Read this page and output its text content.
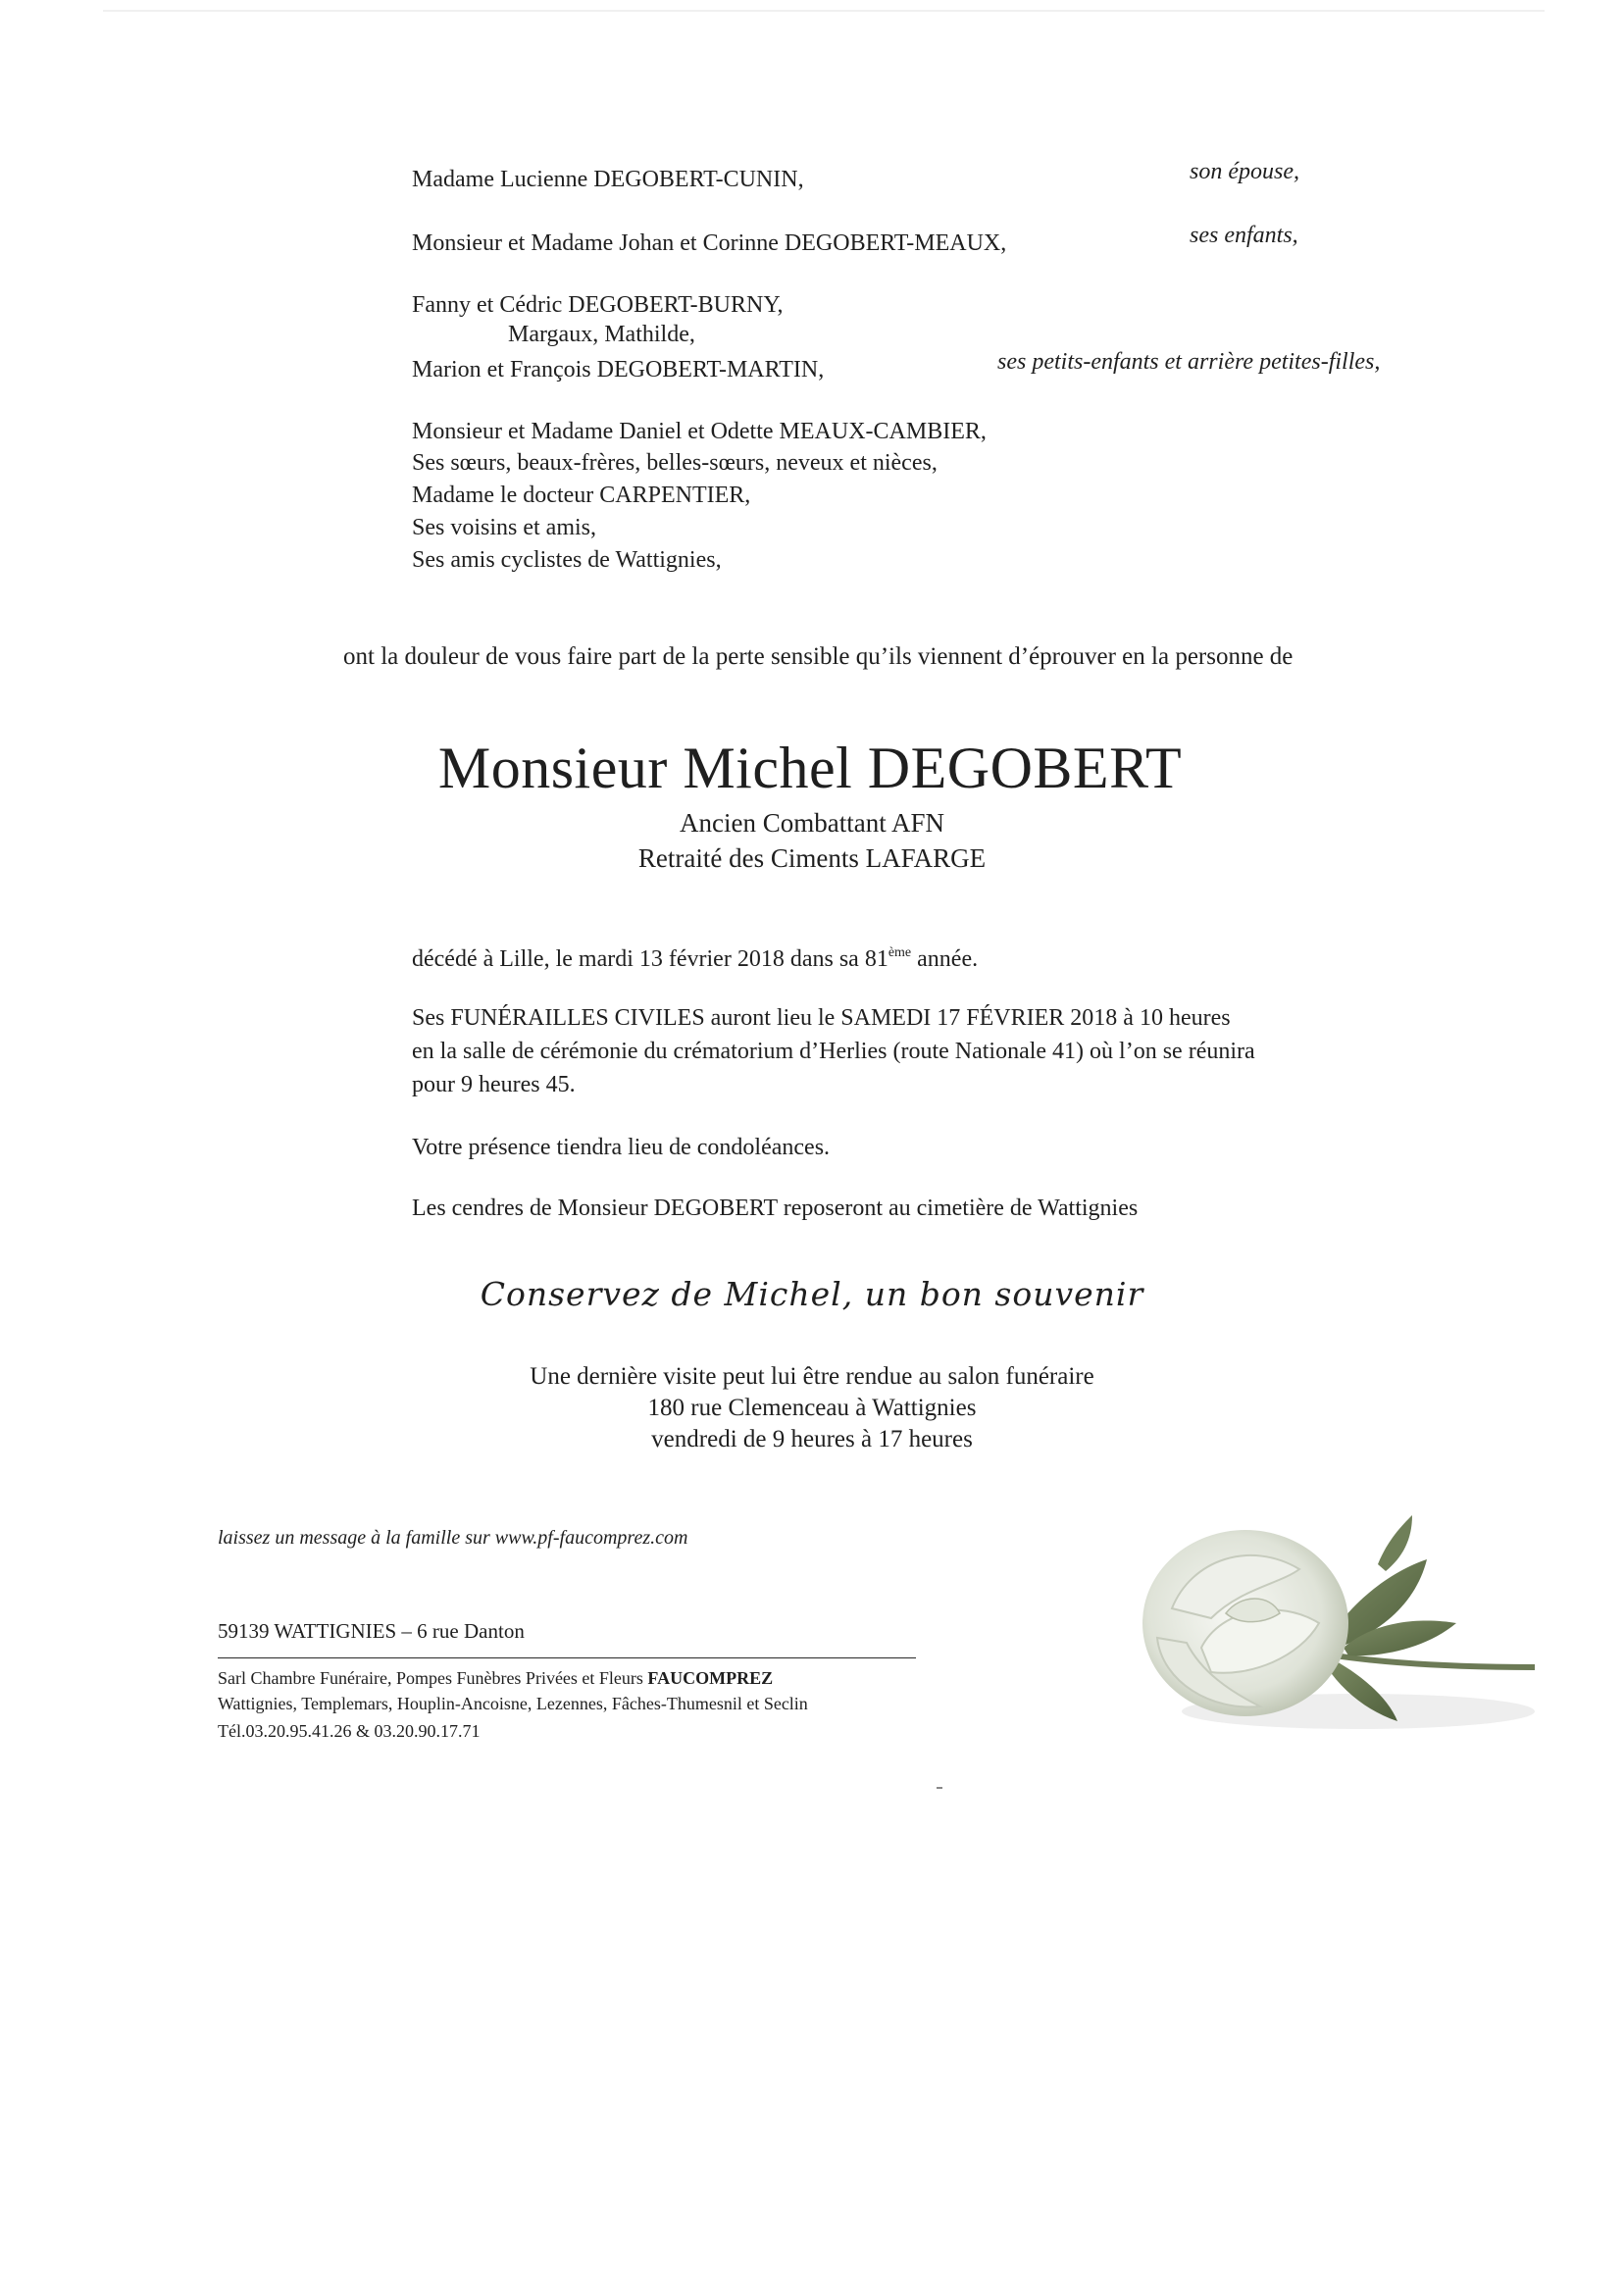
Madame Lucienne DEGOBERT-CUNIN,	son épouse,
Monsieur et Madame Johan et Corinne DEGOBERT-MEAUX,	ses enfants,
Fanny et Cédric DEGOBERT-BURNY,
Margaux, Mathilde,
Marion et François DEGOBERT-MARTIN,	ses petits-enfants et arrière petites-filles,
Monsieur et Madame Daniel et Odette MEAUX-CAMBIER,
Ses sœurs, beaux-frères, belles-sœurs, neveux et nièces,
Madame le docteur CARPENTIER,
Ses voisins et amis,
Ses amis cyclistes de Wattignies,
ont la douleur de vous faire part de la perte sensible qu’ils viennent d’éprouver en la personne de
Monsieur Michel DEGOBERT
Ancien Combattant AFN
Retraité des Ciments LAFARGE
décédé à Lille, le mardi 13 février 2018 dans sa 81ème année.
Ses FUNÉRAILLES CIVILES auront lieu le SAMEDI 17 FÉVRIER 2018 à 10 heures
en la salle de cérémonie du crématorium d’Herlies (route Nationale 41) où l’on se réunira
pour 9 heures 45.
Votre présence tiendra lieu de condoléances.
Les cendres de Monsieur DEGOBERT reposeront au cimetière de Wattignies
Conservez de Michel, un bon souvenir
Une dernière visite peut lui être rendue au salon funéraire
180 rue Clemenceau à Wattignies
vendredi de 9 heures à 17 heures
laissez un message à la famille sur www.pf-faucomprez.com
59139 WATTIGNIES – 6 rue Danton
Sarl Chambre Funéraire, Pompes Funèbres Privées et Fleurs FAUCOMPREZ
Wattignies, Templemars, Houplin-Ancoisne, Lezennes, Fâches-Thumesnil et Seclin
Tél.03.20.95.41.26 & 03.20.90.17.71
